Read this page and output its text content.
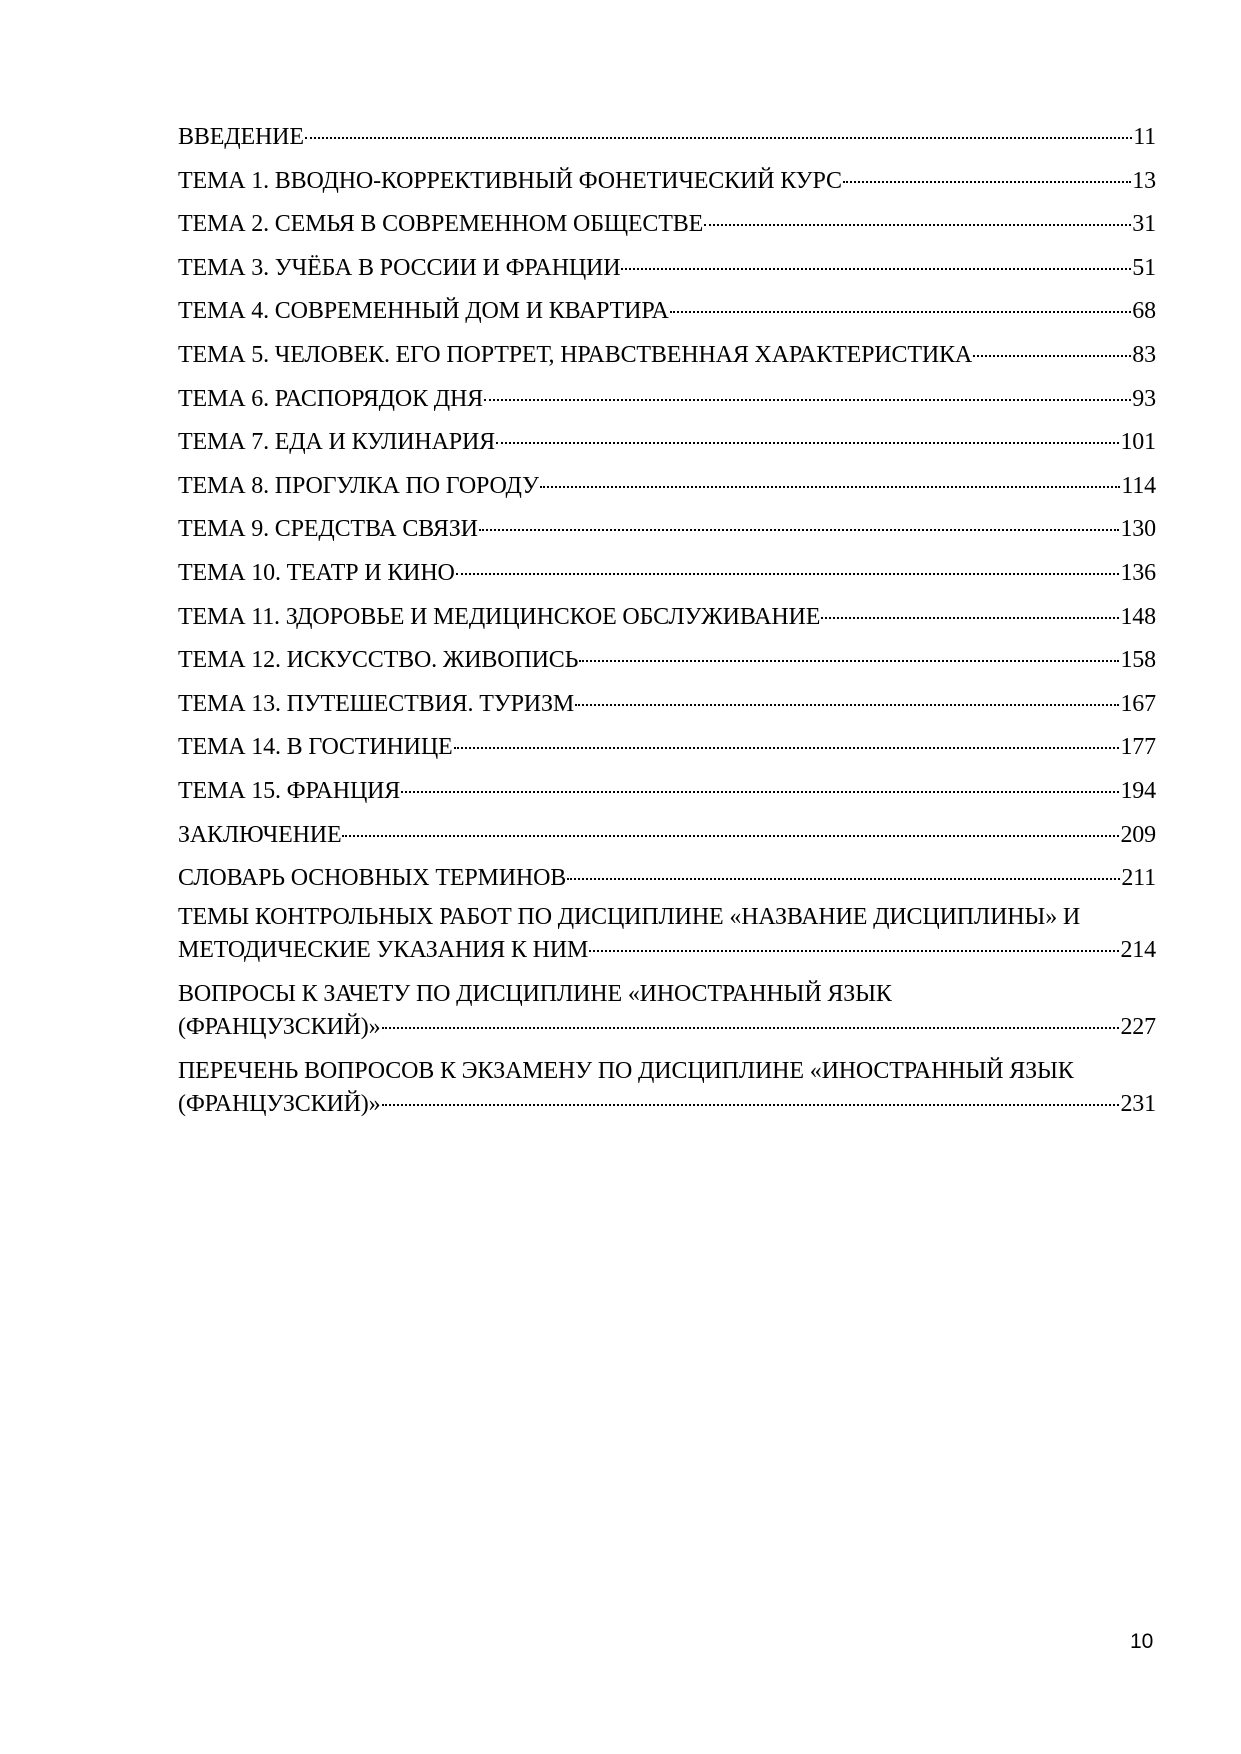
ВВЕДЕНИЕ	11
ТЕМА 1. ВВОДНО-КОРРЕКТИВНЫЙ ФОНЕТИЧЕСКИЙ КУРС	13
ТЕМА 2. СЕМЬЯ В СОВРЕМЕННОМ ОБЩЕСТВЕ	31
ТЕМА 3. УЧЁБА В РОССИИ И ФРАНЦИИ	51
ТЕМА 4. СОВРЕМЕННЫЙ ДОМ И КВАРТИРА	68
ТЕМА 5. ЧЕЛОВЕК. ЕГО ПОРТРЕТ, НРАВСТВЕННАЯ ХАРАКТЕРИСТИКА	83
ТЕМА 6. РАСПОРЯДОК ДНЯ	93
ТЕМА 7. ЕДА И КУЛИНАРИЯ	101
ТЕМА 8. ПРОГУЛКА ПО ГОРОДУ	114
ТЕМА 9. СРЕДСТВА СВЯЗИ	130
ТЕМА 10. ТЕАТР И КИНО	136
ТЕМА 11. ЗДОРОВЬЕ И МЕДИЦИНСКОЕ ОБСЛУЖИВАНИЕ	148
ТЕМА 12. ИСКУССТВО. ЖИВОПИСЬ	158
ТЕМА 13. ПУТЕШЕСТВИЯ. ТУРИЗМ	167
ТЕМА 14. В ГОСТИНИЦЕ	177
ТЕМА 15. ФРАНЦИЯ	194
ЗАКЛЮЧЕНИЕ	209
СЛОВАРЬ ОСНОВНЫХ ТЕРМИНОВ	211
ТЕМЫ КОНТРОЛЬНЫХ РАБОТ ПО ДИСЦИПЛИНЕ «НАЗВАНИЕ ДИСЦИПЛИНЫ» И
МЕТОДИЧЕСКИЕ УКАЗАНИЯ К НИМ	214
ВОПРОСЫ К ЗАЧЕТУ ПО ДИСЦИПЛИНЕ «ИНОСТРАННЫЙ ЯЗЫК
(ФРАНЦУЗСКИЙ)»	227
ПЕРЕЧЕНЬ ВОПРОСОВ К ЭКЗАМЕНУ ПО ДИСЦИПЛИНЕ «ИНОСТРАННЫЙ ЯЗЫК
(ФРАНЦУЗСКИЙ)»	231
10
